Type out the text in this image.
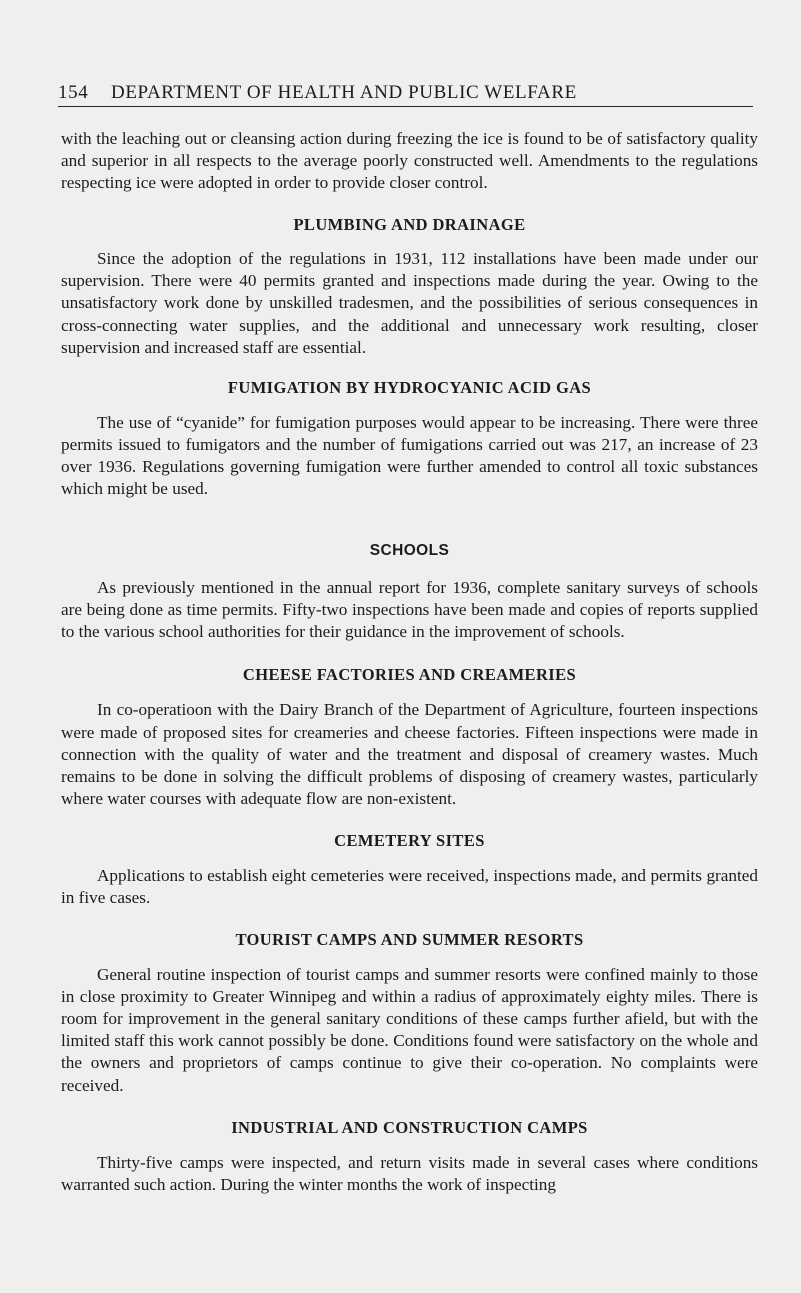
154 DEPARTMENT OF HEALTH AND PUBLIC WELFARE

with the leaching out or cleansing action during freezing the ice is found to be of satisfactory quality and superior in all respects to the average poorly constructed well. Amendments to the regulations respecting ice were adopted in order to provide closer control.

PLUMBING AND DRAINAGE

Since the adoption of the regulations in 1931, 112 installations have been made under our supervision. There were 40 permits granted and inspections made during the year. Owing to the unsatisfactory work done by unskilled tradesmen, and the possibilities of serious consequences in cross-connecting water supplies, and the additional and unnecessary work resulting, closer supervision and increased staff are essential.

FUMIGATION BY HYDROCYANIC ACID GAS

The use of “cyanide” for fumigation purposes would appear to be increasing. There were three permits issued to fumigators and the number of fumigations carried out was 217, an increase of 23 over 1936. Regulations governing fumigation were further amended to control all toxic substances which might be used.

SCHOOLS

As previously mentioned in the annual report for 1936, complete sanitary surveys of schools are being done as time permits. Fifty-two inspections have been made and copies of reports supplied to the various school authorities for their guidance in the improvement of schools.

CHEESE FACTORIES AND CREAMERIES

In co-operatioon with the Dairy Branch of the Department of Agriculture, fourteen inspections were made of proposed sites for creameries and cheese factories. Fifteen inspections were made in connection with the quality of water and the treatment and disposal of creamery wastes. Much remains to be done in solving the difficult problems of disposing of creamery wastes, particularly where water courses with adequate flow are non-existent.

CEMETERY SITES

Applications to establish eight cemeteries were received, inspections made, and permits granted in five cases.

TOURIST CAMPS AND SUMMER RESORTS

General routine inspection of tourist camps and summer resorts were confined mainly to those in close proximity to Greater Winnipeg and within a radius of approximately eighty miles. There is room for improvement in the general sanitary conditions of these camps further afield, but with the limited staff this work cannot possibly be done. Conditions found were satisfactory on the whole and the owners and proprietors of camps continue to give their co-operation. No complaints were received.

INDUSTRIAL AND CONSTRUCTION CAMPS

Thirty-five camps were inspected, and return visits made in several cases where conditions warranted such action. During the winter months the work of inspecting
